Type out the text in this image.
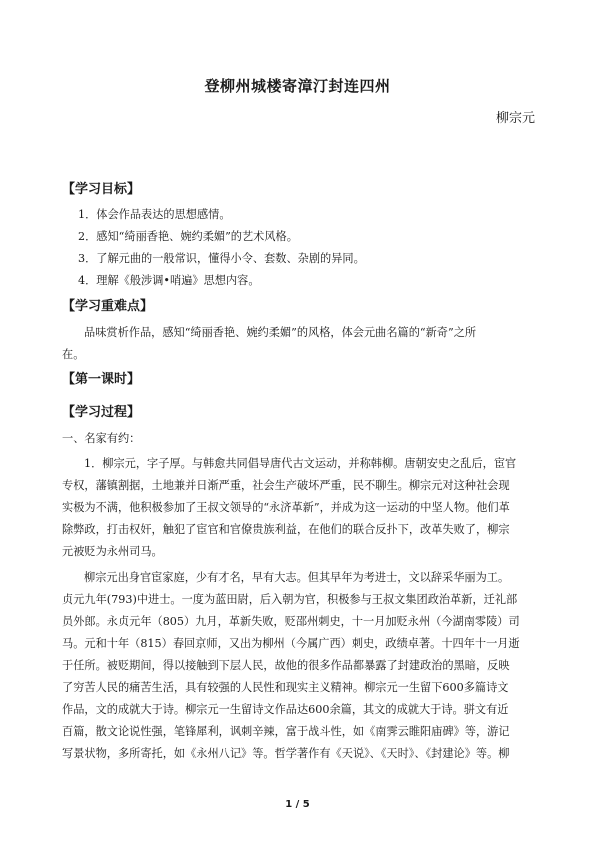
登柳州城楼寄漳汀封连四州
柳宗元
【学习目标】
1．体会作品表达的思想感情。
2．感知“绮丽香艳、婉约柔媚”的艺术风格。
3．了解元曲的一般常识，懂得小令、套数、杂剧的异同。
4．理解《般涉调•哨遍》思想内容。
【学习重难点】
品味赏析作品，感知“绮丽香艳、婉约柔媚”的风格，体会元曲名篇的“新奇”之所
在。
【第一课时】
【学习过程】
一、名家有约：
1．柳宗元，字子厚。与韩愈共同倡导唐代古文运动，并称韩柳。唐朝安史之乱后，宦官
专权，藩镇割据，土地兼并日渐严重，社会生产破坏严重，民不聊生。柳宗元对这种社会现
实极为不满，他积极参加了王叔文领导的“永济革新”，并成为这一运动的中坚人物。他们革
除弊政，打击权奸，触犯了宦官和官僚贵族利益，在他们的联合反扑下，改革失败了，柳宗
元被贬为永州司马。
柳宗元出身官宦家庭，少有才名，早有大志。但其早年为考进士，文以辞采华丽为工。
贞元九年(793)中进士。一度为蓝田尉，后入朝为官，积极参与王叔文集团政治革新，迁礼部
员外郎。永贞元年（805）九月，革新失败，贬邵州刺史，十一月加贬永州（今湖南零陵）司
马。元和十年（815）春回京师，又出为柳州（今属广西）刺史，政绩卓著。十四年十一月逝
于任所。被贬期间，得以接触到下层人民，故他的很多作品都暴露了封建政治的黑暗，反映
了穷苦人民的痛苦生活，具有较强的人民性和现实主义精神。柳宗元一生留下600多篇诗文
作品，文的成就大于诗。柳宗元一生留诗文作品达600余篇，其文的成就大于诗。骈文有近
百篇，散文论说性强，笔锋犀利，讽刺辛辣，富于战斗性，如《南霁云睢阳庙碑》等，游记
写景状物，多所寄托，如《永州八记》等。哲学著作有《天说》、《天时》、《封建论》等。柳
1 / 5
